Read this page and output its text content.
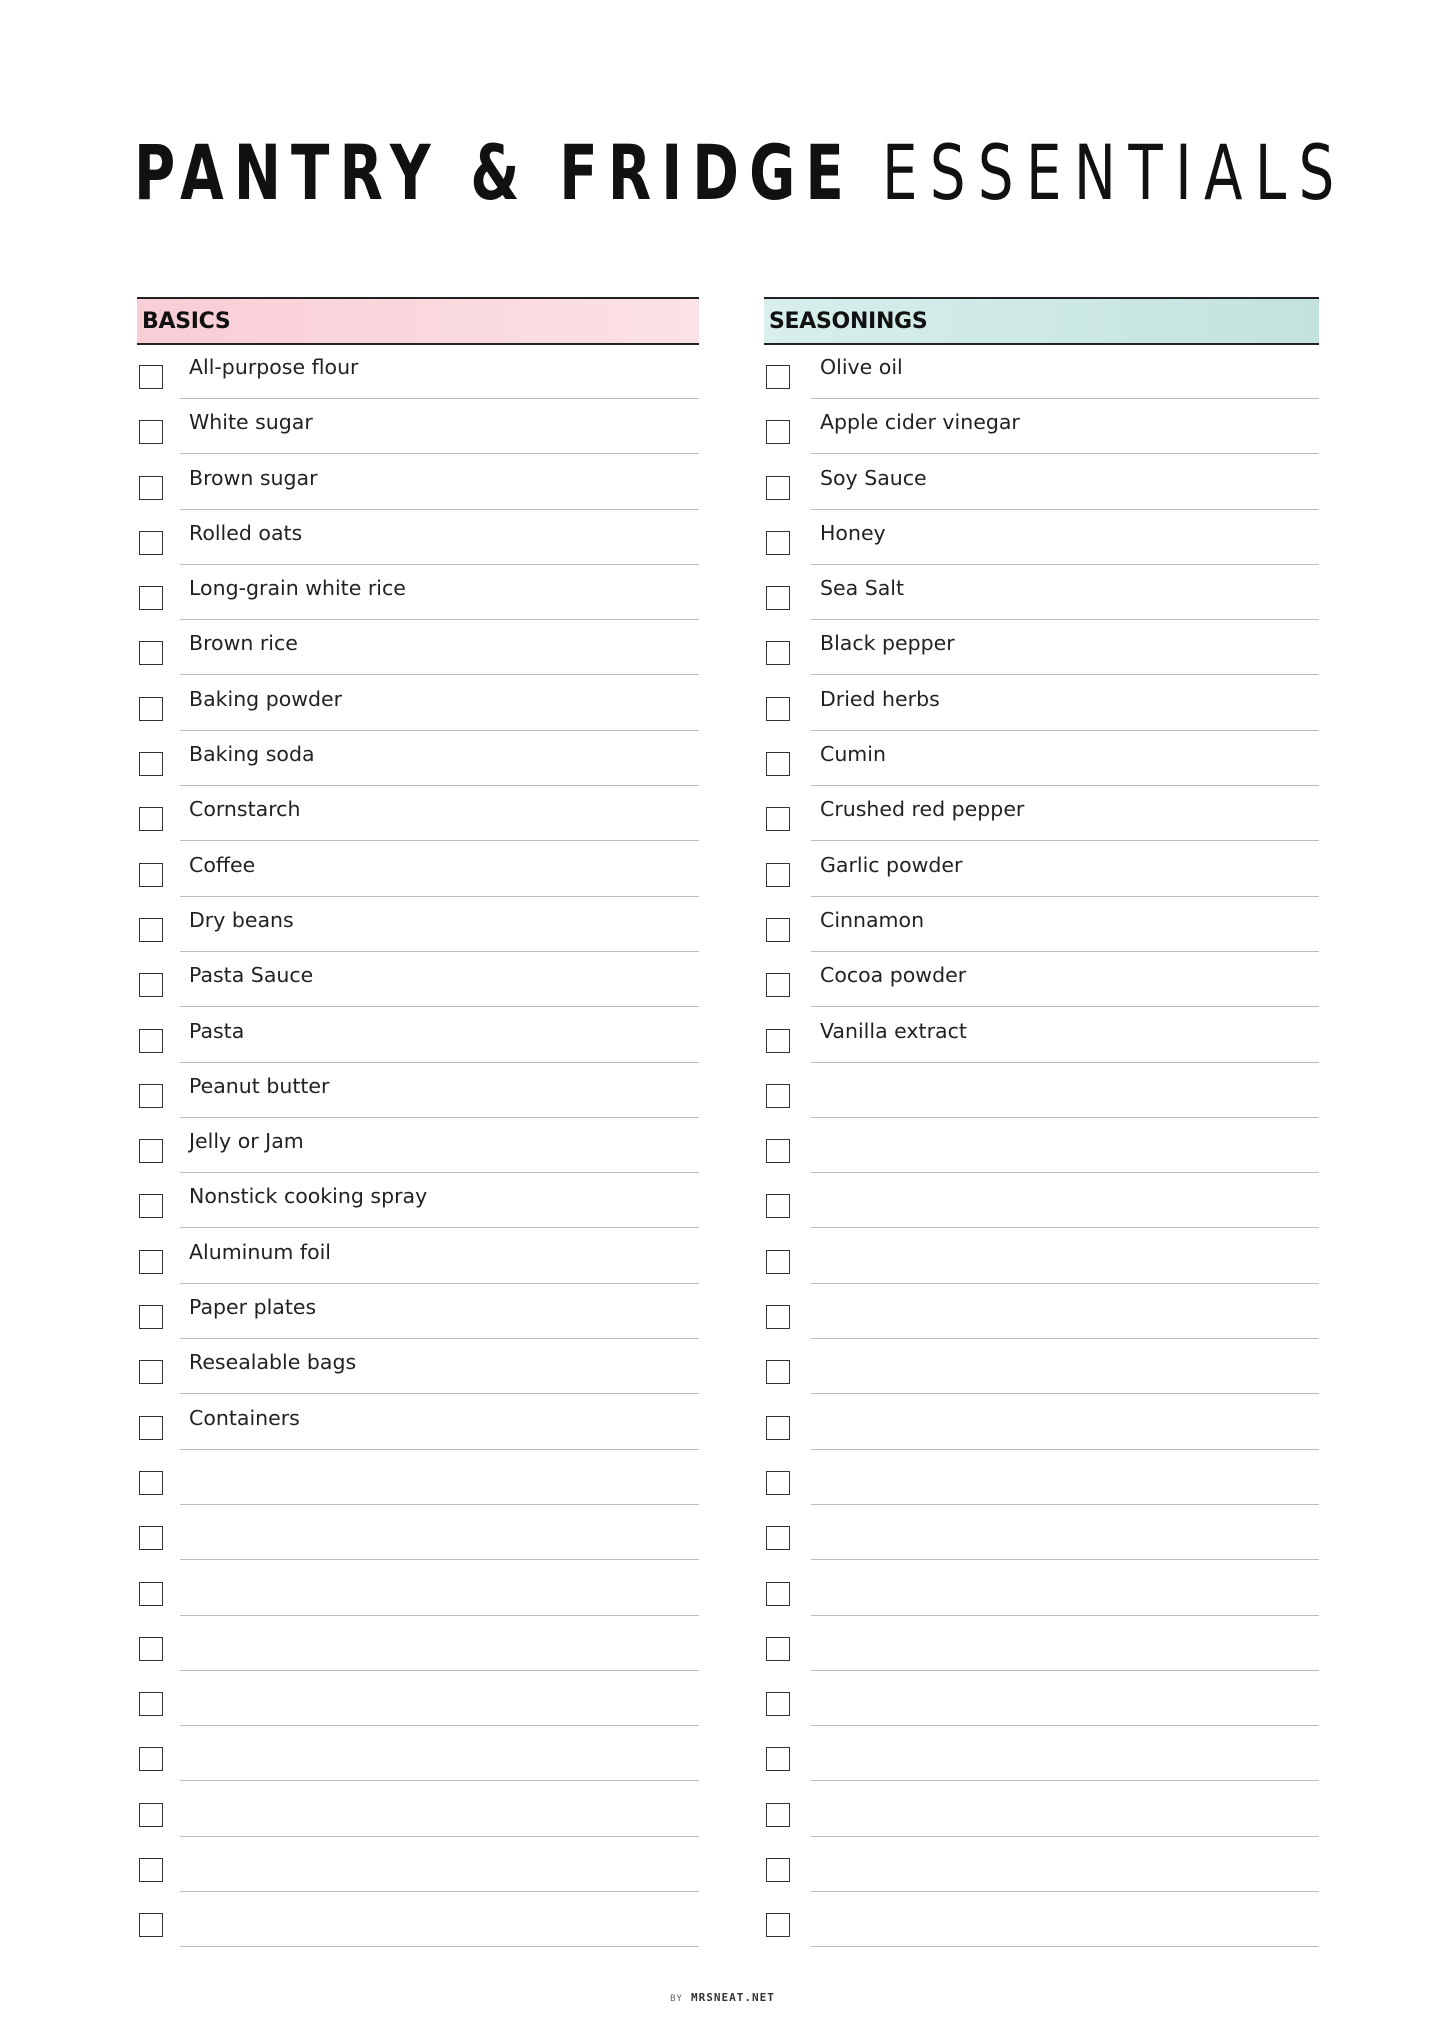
PANTRY & FRIDGE ESSENTIALS
BASICS
All-purpose flour
White sugar
Brown sugar
Rolled oats
Long-grain white rice
Brown rice
Baking powder
Baking soda
Cornstarch
Coffee
Dry beans
Pasta Sauce
Pasta
Peanut butter
Jelly or Jam
Nonstick cooking spray
Aluminum foil
Paper plates
Resealable bags
Containers
SEASONINGS
Olive oil
Apple cider vinegar
Soy Sauce
Honey
Sea Salt
Black pepper
Dried herbs
Cumin
Crushed red pepper
Garlic powder
Cinnamon
Cocoa powder
Vanilla extract
BY MRSNEAT.NET
